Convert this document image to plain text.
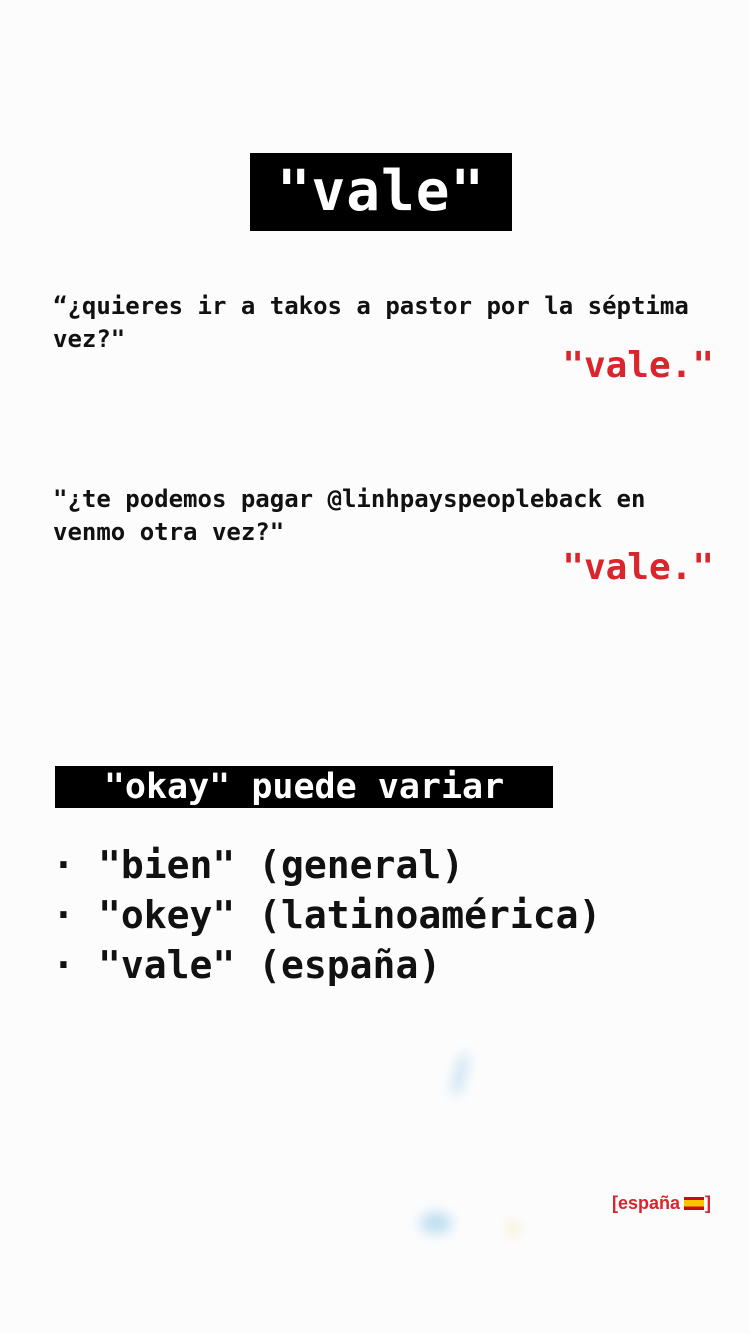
"vale"
“¿quieres ir a takos a pastor por la séptima vez?"
"vale."
"¿te podemos pagar @linhpayspeopleback en venmo otra vez?"
"vale."
"okay" puede variar
· "bien" (general)
· "okey" (latinoamérica)
· "vale" (españa)
[españa ]
